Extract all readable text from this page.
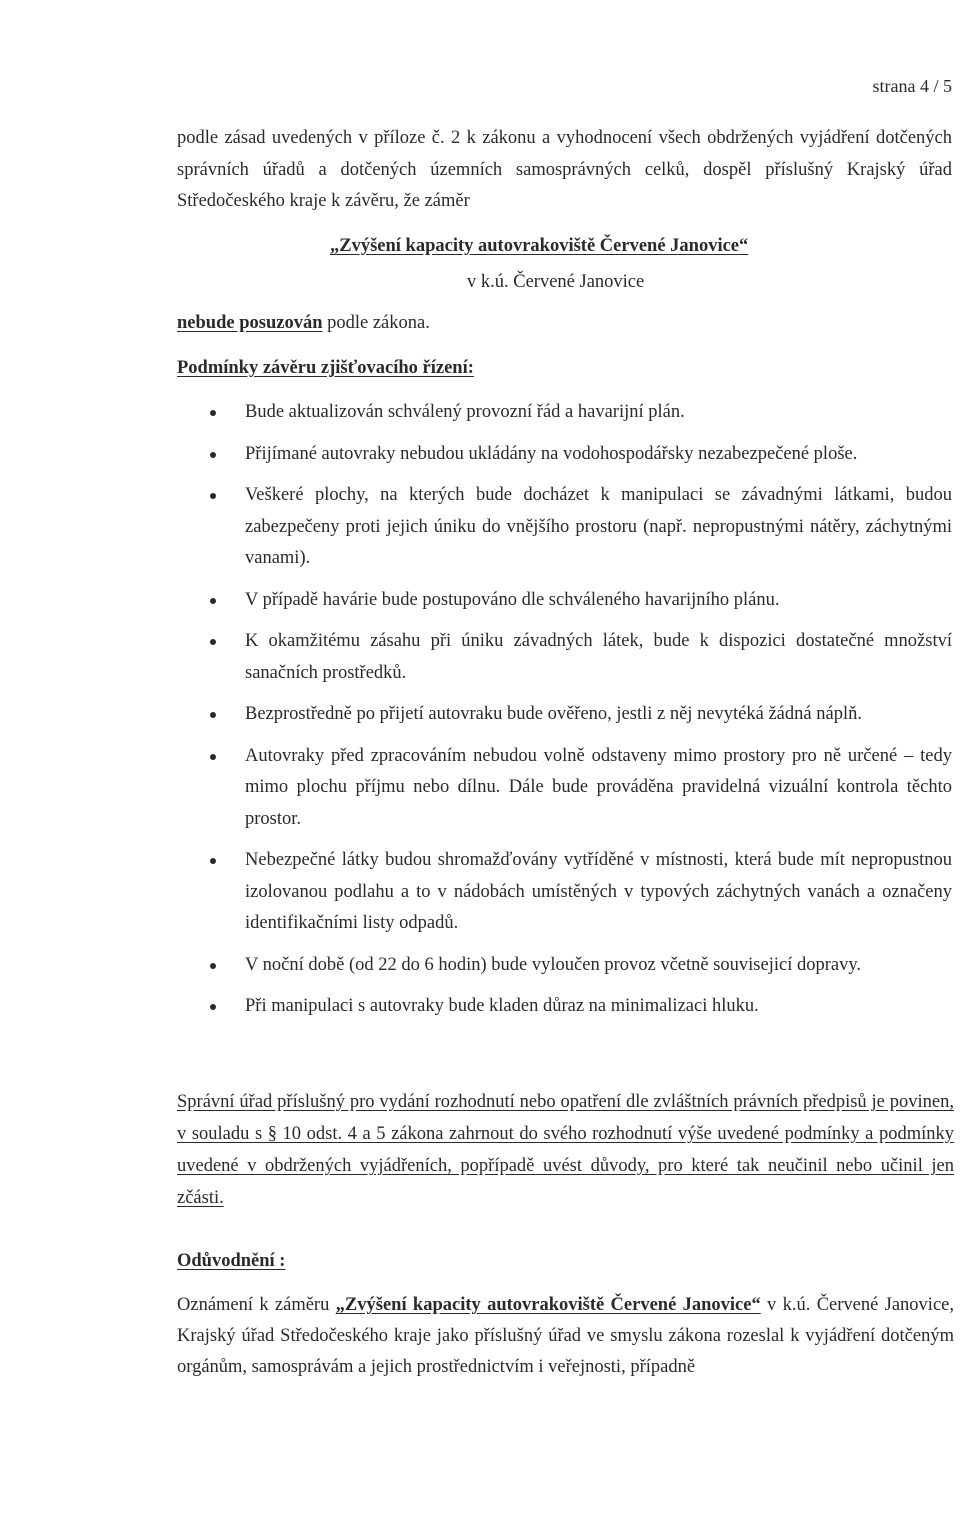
strana 4 / 5
podle zásad uvedených v příloze č. 2 k zákonu a vyhodnocení všech obdržených vyjádření dotčených správních úřadů a dotčených územních samosprávných celků, dospěl příslušný Krajský úřad Středočeského kraje k závěru, že záměr
„Zvýšení kapacity autovrakoviště Červené Janovice“
v k.ú. Červené Janovice
nebude posuzován podle zákona.
Podmínky závěru zjišťovacího řízení:
Bude aktualizován schválený provozní řád a havarijní plán.
Přijímané autovraky nebudou ukládány na vodohospodářsky nezabezpečené ploše.
Veškeré plochy, na kterých bude docházet k manipulaci se závadnými látkami, budou zabezpečeny proti jejich úniku do vnějšího prostoru (např. nepropustnými nátěry, záchytnými vanami).
V případě havárie bude postupováno dle schváleného havarijního plánu.
K okamžitému zásahu při úniku závadných látek, bude k dispozici dostatečné množství sanačních prostředků.
Bezprostředně po přijetí autovraku bude ověřeno, jestli z něj nevytéká žádná náplň.
Autovraky před zpracováním nebudou volně odstaveny mimo prostory pro ně určené – tedy mimo plochu příjmu nebo dílnu. Dále bude prováděna pravidelná vizuální kontrola těchto prostor.
Nebezpečné látky budou shromažďovány vytříděné v místnosti, která bude mít nepropustnou izolovanou podlahu a to v nádobách umístěných v typových záchytných vanách a označeny identifikačními listy odpadů.
V noční době (od 22 do 6 hodin) bude vyloučen provoz včetně souvisejicí dopravy.
Při manipulaci s autovraky bude kladen důraz na minimalizaci hluku.
Správní úřad příslušný pro vydání rozhodnutí nebo opatření dle zvláštních právních předpisů je povinen, v souladu s § 10 odst. 4 a 5 zákona zahrnout do svého rozhodnutí výše uvedené podmínky a podmínky uvedené v obdržených vyjádřeních, popřípadě uvést důvody, pro které tak neučinil nebo učinil jen zčásti.
Odůvodnění :
Oznámení k záměru „Zvýšení kapacity autovrakoviště Červené Janovice“ v k.ú. Červené Janovice, Krajský úřad Středočeského kraje jako příslušný úřad ve smyslu zákona rozeslal k vyjádření dotčeným orgánům, samosprávám a jejich prostřednictvím i veřejnosti, případně
